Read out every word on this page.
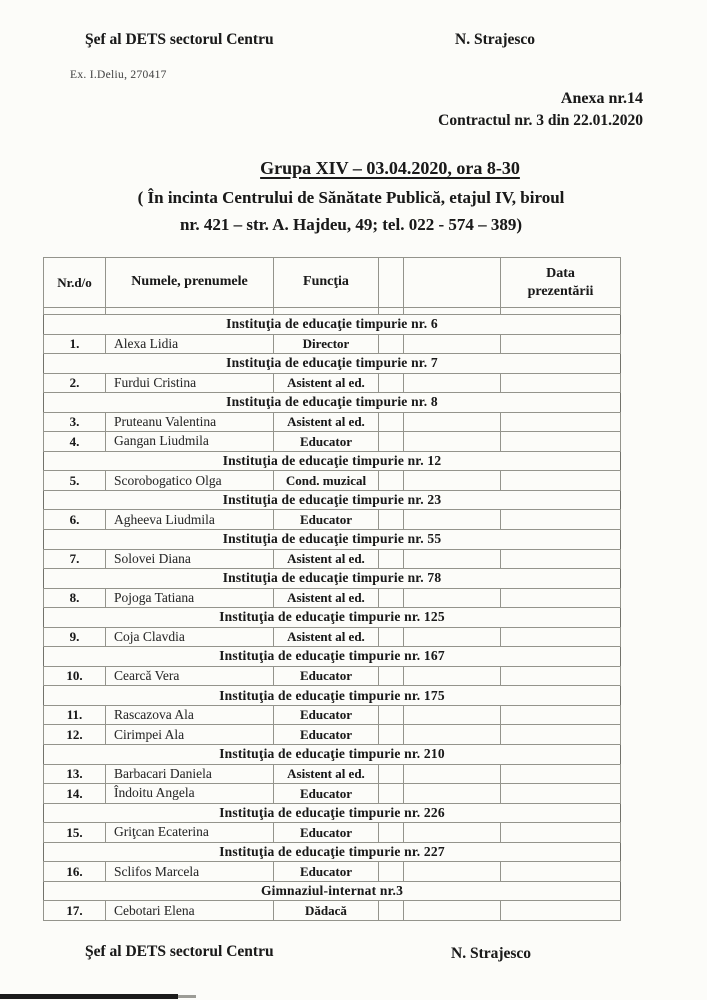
Şef al DETS sectorul Centru	N. Strajesco
Ex. I.Deliu, 270417
Anexa nr.14
Contractul nr. 3 din 22.01.2020
Grupa XIV – 03.04.2020, ora 8-30
( În incinta Centrului de Sănătate Publică, etajul IV, biroul
nr. 421 – str. A. Hajdeu, 49; tel. 022 - 574 – 389)
Nr.d/o	Numele, prenumele	Funcţia			Data prezentării

Instituţia de educaţie timpurie nr. 6					
1.	Alexa Lidia	Director			
Instituţia de educaţie timpurie nr. 7					
2.	Furdui Cristina	Asistent al ed.			
Instituţia de educaţie timpurie nr. 8					
3.	Pruteanu Valentina	Asistent al ed.			
4.	Gangan Liudmila	Educator			
Instituţia de educaţie timpurie nr. 12					
5.	Scorobogatico Olga	Cond. muzical			
Instituţia de educaţie timpurie nr. 23					
6.	Agheeva Liudmila	Educator			
Instituţia de educaţie timpurie nr. 55					
7.	Solovei Diana	Asistent al ed.			
Instituţia de educaţie timpurie nr. 78					
8.	Pojoga Tatiana	Asistent al ed.			
Instituţia de educaţie timpurie nr. 125					
9.	Coja Clavdia	Asistent al ed.			
Instituţia de educaţie timpurie nr. 167					
10.	Cearcă Vera	Educator			
Instituţia de educaţie timpurie nr. 175					
11.	Rascazova Ala	Educator			
12.	Cirimpei Ala	Educator			
Instituţia de educaţie timpurie nr. 210					
13.	Barbacari Daniela	Asistent al ed.			
14.	Îndoitu Angela	Educator			
Instituţia de educaţie timpurie nr. 226					
15.	Griţcan Ecaterina	Educator			
Instituţia de educaţie timpurie nr. 227					
16.	Sclifos Marcela	Educator			
Gimnaziul-internat nr.3					
17.	Cebotari Elena	Dădacă			
Şef al DETS sectorul Centru	N. Strajesco
